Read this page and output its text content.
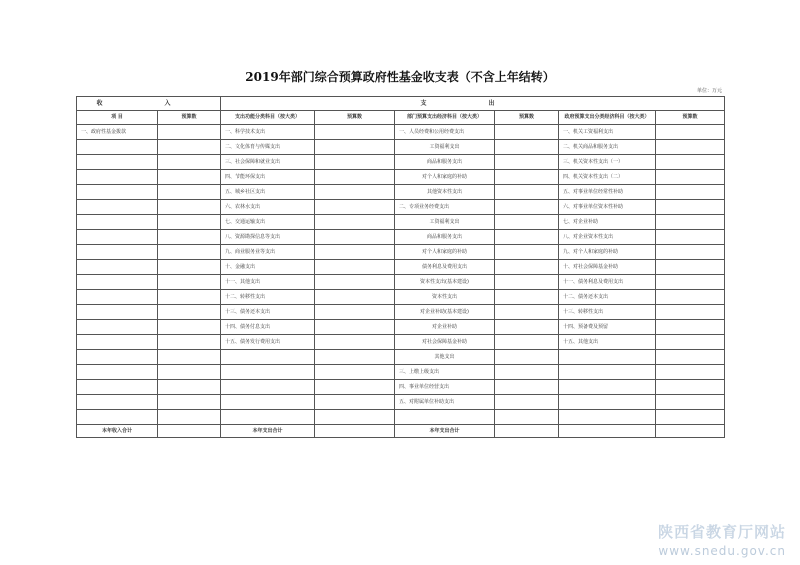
2019年部门综合预算政府性基金收支表（不含上年结转）
单位：万元
收 入		支 出					
项 目	预算数	支出功能分类科目（按大类）	预算数	部门预算支出经济科目（按大类）	预算数	政府预算支出分类经济科目（按大类）	预算数
一、政府性基金拨款		一、科学技术支出		一、人员经费和公用经费支出		一、机关工资福利支出	
		二、文化体育与传媒支出		工资福利支出		二、机关商品和服务支出	
		三、社会保障和就业支出		商品和服务支出		三、机关资本性支出（一）	
		四、节能环保支出		对个人和家庭的补助		四、机关资本性支出（二）	
		五、城乡社区支出		其他资本性支出		五、对事业单位经常性补助	
		六、农林水支出		二、专项业务经费支出		六、对事业单位资本性补助	
		七、交通运输支出		工资福利支出		七、对企业补助	
		八、资源勘探信息等支出		商品和服务支出		八、对企业资本性支出	
		九、商业服务业等支出		对个人和家庭的补助		九、对个人和家庭的补助	
		十、金融支出		债务利息及费用支出		十、对社会保障基金补助	
		十一、其他支出		资本性支出(基本建设)		十一、债务利息及费用支出	
		十二、转移性支出		资本性支出		十二、债务还本支出	
		十三、债务还本支出		对企业补助(基本建设)		十三、转移性支出	
		十四、债务付息支出		对企业补助		十四、预备费及预留	
		十五、债务发行费用支出		对社会保障基金补助		十五、其他支出	
				其他支出			
				三、上缴上级支出			
				四、事业单位经营支出			
				五、对附属单位补助支出			

本年收入合计		本年支出合计		本年支出合计			
陕西省教育厅网站
www.snedu.gov.cn
